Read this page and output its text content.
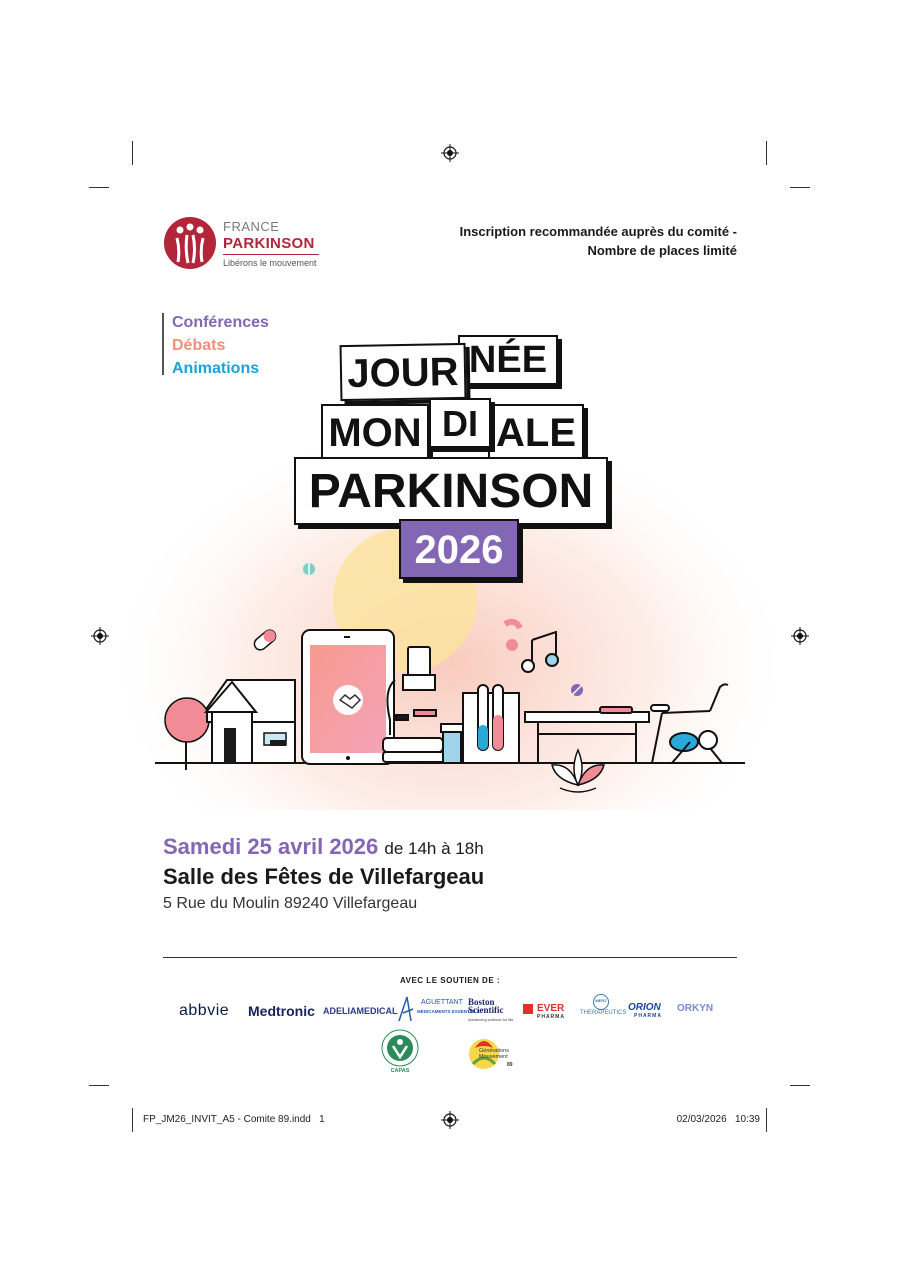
FRANCE
PARKINSON
Libérons le mouvement
Inscription recommandée auprès du comité -
Nombre de places limité
Conférences
Débats
Animations	NÉE
JOUR
MON ALE
DI
PARKINSON
2026
Samedi 25 avril 2026 de 14h à 18h
Salle des Fêtes de Villefargeau
5 Rue du Moulin 89240 Villefargeau
AVEC LE SOUTIEN DE :
abbvie Medtronic ADELIAMEDICAL
AGUETTANT
MÉDICAMENTS ESSENTIELS
Boston Scientific
Advancing science for life
EVER
PHARMA
MERZ
THERAPEUTICS ORION
PHARMA
ORKYN
CAPAS
Générations Mouvement
89
FP_JM26_INVIT_A5 - Comite 89.indd   1	02/03/2026   10:39
